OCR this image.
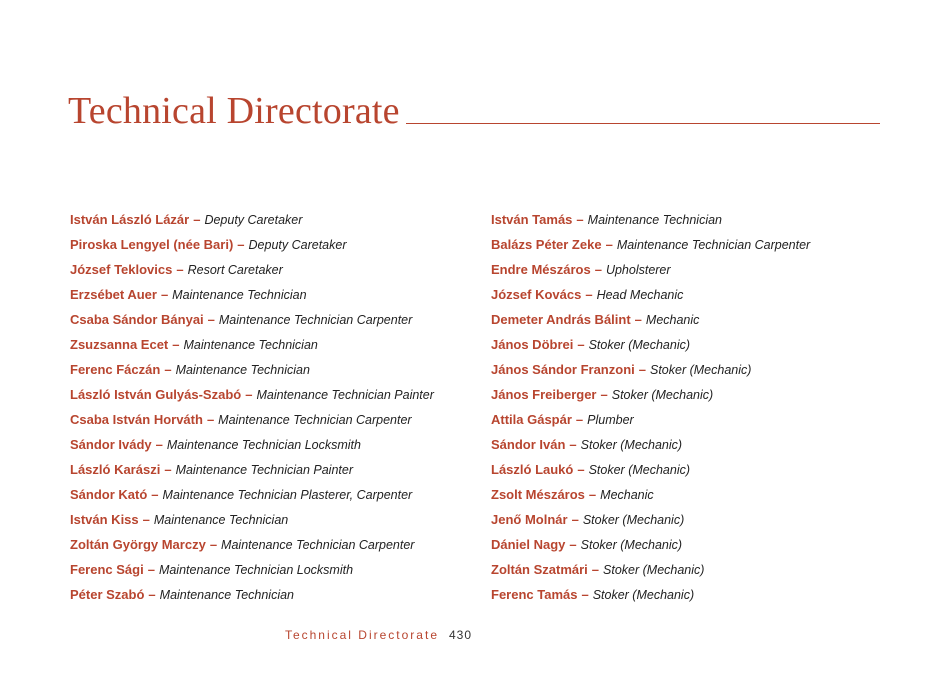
Technical Directorate
István László Lázár – Deputy Caretaker
Piroska Lengyel (née Bari) – Deputy Caretaker
József Teklovics – Resort Caretaker
Erzsébet Auer – Maintenance Technician
Csaba Sándor Bányai – Maintenance Technician Carpenter
Zsuzsanna Ecet – Maintenance Technician
Ferenc Fáczán – Maintenance Technician
László István Gulyás-Szabó – Maintenance Technician Painter
Csaba István Horváth – Maintenance Technician Carpenter
Sándor Ivády – Maintenance Technician Locksmith
László Karászi – Maintenance Technician Painter
Sándor Kató – Maintenance Technician Plasterer, Carpenter
István Kiss – Maintenance Technician
Zoltán György Marczy – Maintenance Technician Carpenter
Ferenc Sági – Maintenance Technician Locksmith
Péter Szabó – Maintenance Technician
István Tamás – Maintenance Technician
Balázs Péter Zeke – Maintenance Technician Carpenter
Endre Mészáros – Upholsterer
József Kovács – Head Mechanic
Demeter András Bálint – Mechanic
János Döbrei – Stoker (Mechanic)
János Sándor Franzoni – Stoker (Mechanic)
János Freiberger – Stoker (Mechanic)
Attila Gáspár – Plumber
Sándor Iván – Stoker (Mechanic)
László Laukó – Stoker (Mechanic)
Zsolt Mészáros – Mechanic
Jenő Molnár – Stoker (Mechanic)
Dániel Nagy – Stoker (Mechanic)
Zoltán Szatmári – Stoker (Mechanic)
Ferenc Tamás – Stoker (Mechanic)
Technical Directorate 430
